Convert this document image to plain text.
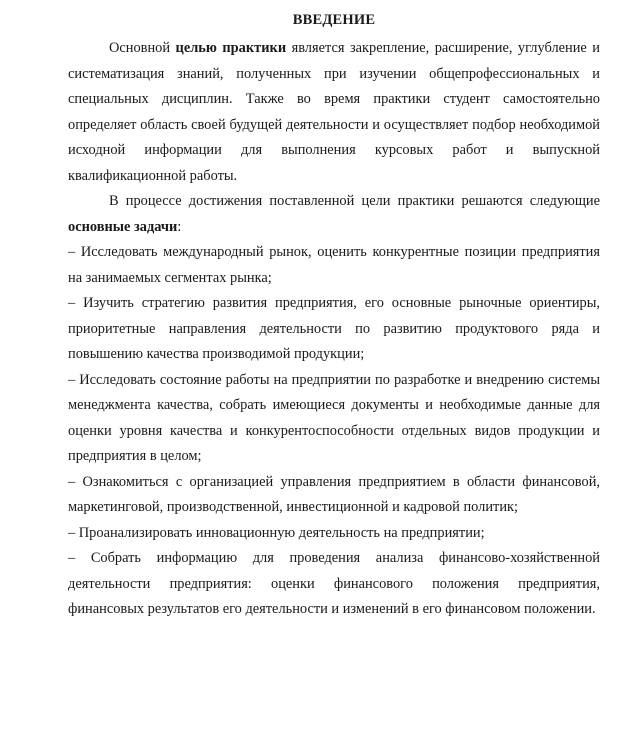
ВВЕДЕНИЕ

Основной целью практики является закрепление, расширение, углубление и систематизация знаний, полученных при изучении общепрофессиональных и специальных дисциплин. Также во время практики студент самостоятельно определяет область своей будущей деятельности и осуществляет подбор необходимой исходной информации для выполнения курсовых работ и выпускной квалификационной работы.

В процессе достижения поставленной цели практики решаются следующие основные задачи:

– Исследовать международный рынок, оценить конкурентные позиции предприятия на занимаемых сегментах рынка;

– Изучить стратегию развития предприятия, его основные рыночные ориентиры, приоритетные направления деятельности по развитию продуктового ряда и повышению качества производимой продукции;

– Исследовать состояние работы на предприятии по разработке и внедрению системы менеджмента качества, собрать имеющиеся документы и необходимые данные для оценки уровня качества и конкурентоспособности отдельных видов продукции и предприятия в целом;

– Ознакомиться с организацией управления предприятием в области финансовой, маркетинговой, производственной, инвестиционной и кадровой политик;

– Проанализировать инновационную деятельность на предприятии;

– Собрать информацию для проведения анализа финансово-хозяйственной деятельности предприятия: оценки финансового положения предприятия, финансовых результатов его деятельности и изменений в его финансовом положении.
